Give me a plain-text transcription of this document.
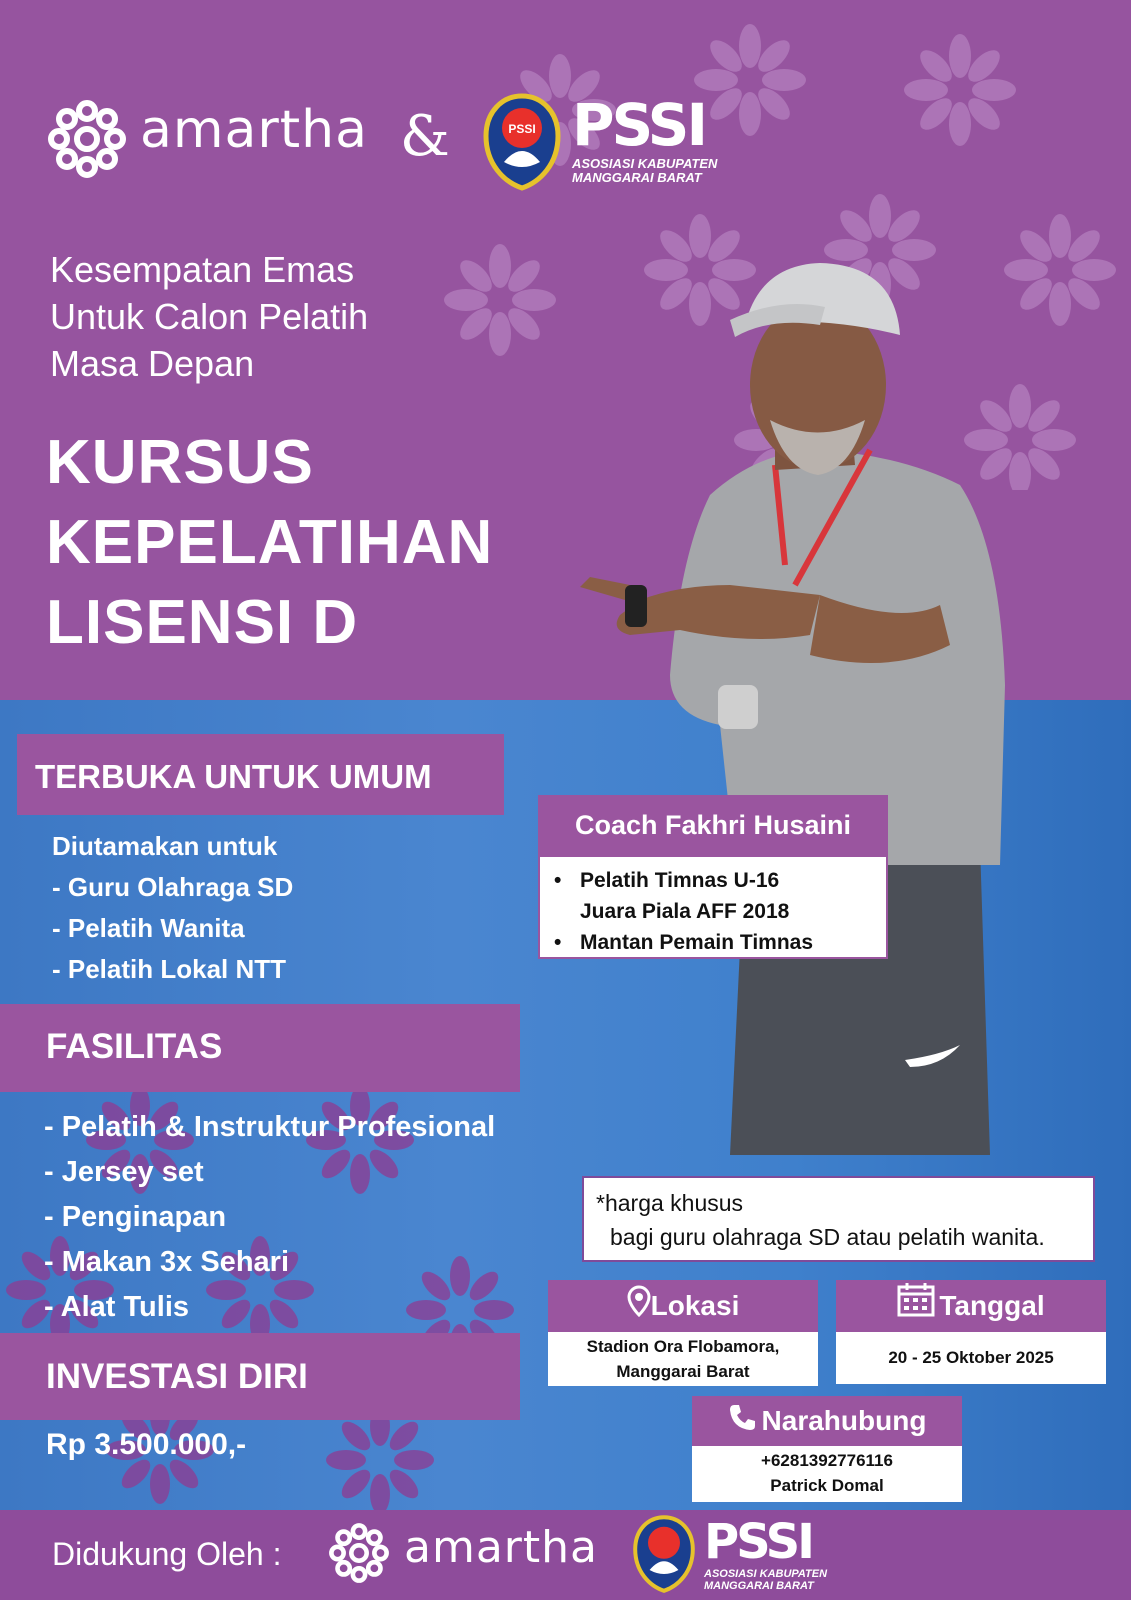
amartha &	PSSI PSSI
ASOSIASI KABUPATEN
MANGGARAI BARAT
Kesempatan Emas
Untuk Calon Pelatih
Masa Depan
KURSUS
KEPELATIHAN
LISENSI D
TERBUKA UNTUK UMUM
Diutamakan untuk
- Guru Olahraga SD
- Pelatih Wanita
- Pelatih Lokal NTT
FASILITAS
- Pelatih & Instruktur Profesional
- Jersey set
- Penginapan
- Makan 3x Sehari
- Alat Tulis
INVESTASI DIRI
Rp 3.500.000,-
Coach Fakhri Husaini
• Pelatih Timnas U-16
Juara Piala AFF 2018
• Mantan Pemain Timnas
*harga khusus
bagi guru olahraga SD atau pelatih wanita.
Lokasi
Stadion Ora Flobamora,
Manggarai Barat
Tanggal
20 - 25 Oktober 2025
Narahubung
+6281392776116
Patrick Domal
Didukung Oleh :	amartha PSSI
ASOSIASI KABUPATEN
MANGGARAI BARAT
